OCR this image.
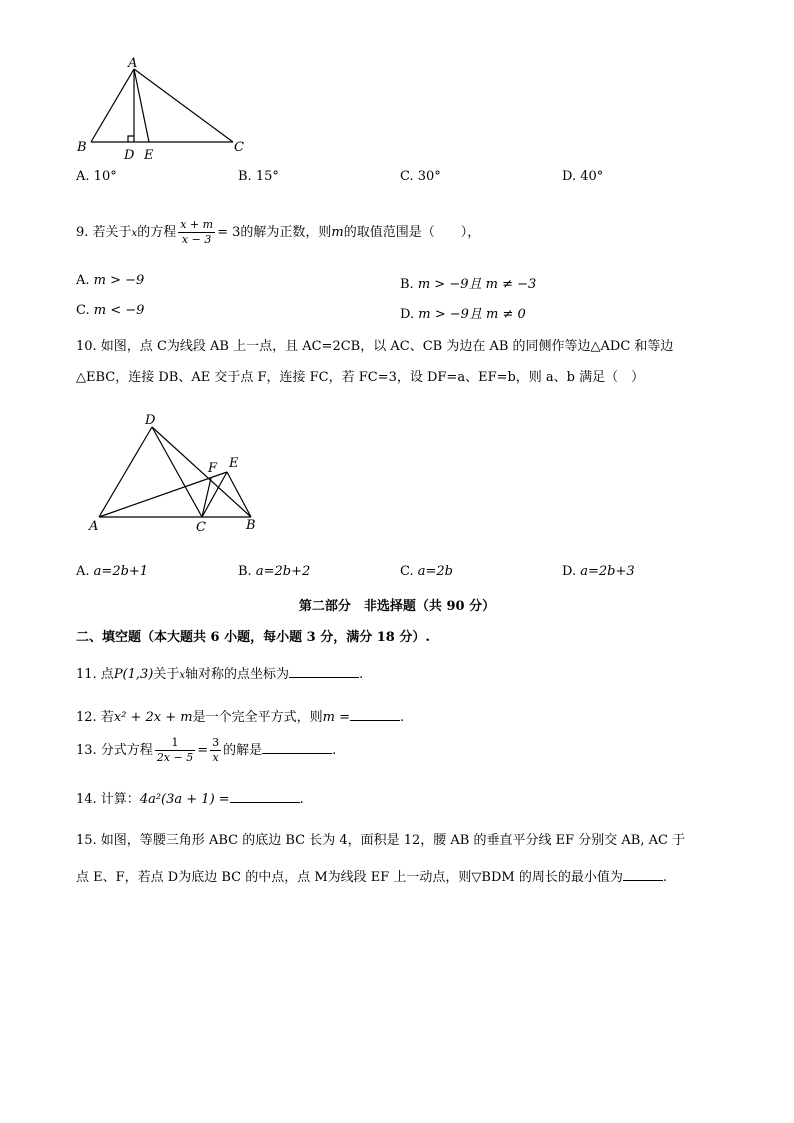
A
B	C
D E
A. 10°	B. 15°	C. 30°	D. 40°
9. 若关于x的方程 $\frac{x + m}{x - 3} = 3$的解为正数，则m的取值范围是（　　），
A. m > −9	B. m > −9且 m ≠ −3
C. m < −9	D. m > −9且 m ≠ 0
10. 如图，点 C为线段 AB 上一点，且 AC=2CB，以 AC、CB 为边在 AB 的同侧作等边△ADC 和等边
△EBC，连接 DB、AE 交于点 F，连接 FC，若 FC=3，设 DF=a、EF=b，则 a、b 满足（　）
A	B
C
D
E
F
A. a=2b+1	B. a=2b+2	C. a=2b	D. a=2b+3
第二部分　非选择题（共 90 分）
二、填空题（本大题共 6 小题，每小题 3 分，满分 18 分）.
11. 点P(1,3)关于x轴对称的点坐标为	.
12. 若x² + 2x + m是一个完全平方式，则m =	.
13. 分式方程 $\frac{1}{2x - 5} = \frac{3}{x}$ 的解是	.
14. 计算：4a²(3a + 1) =	.
15. 如图，等腰三角形 ABC 的底边 BC 长为 4，面积是 12，腰 AB 的垂直平分线 EF 分别交 AB, AC 于
点 E、F，若点 D为底边 BC 的中点，点 M为线段 EF 上一动点，则▽BDM 的周长的最小值为	.
